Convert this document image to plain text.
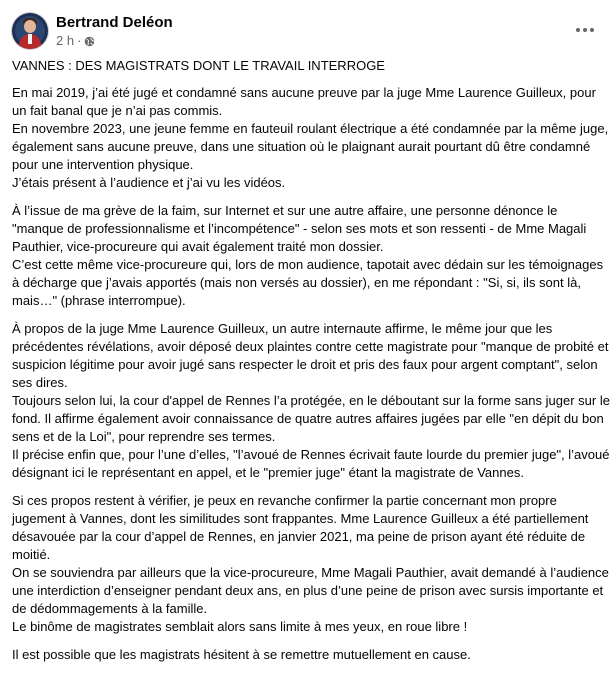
Bertrand Deléon
2 h ·

VANNES : DES MAGISTRATS DONT LE TRAVAIL INTERROGE

En mai 2019, j’ai été jugé et condamné sans aucune preuve par la juge Mme Laurence Guilleux, pour un fait banal que je n’ai pas commis.
En novembre 2023, une jeune femme en fauteuil roulant électrique a été condamnée par la même juge, également sans aucune preuve, dans une situation où le plaignant aurait pourtant dû être condamné pour une intervention physique.
J’étais présent à l’audience et j’ai vu les vidéos.

À l’issue de ma grève de la faim, sur Internet et sur une autre affaire, une personne dénonce le "manque de professionnalisme et l’incompétence" - selon ses mots et son ressenti - de Mme Magali Pauthier, vice-procureure qui avait également traité mon dossier.
C’est cette même vice-procureure qui, lors de mon audience, tapotait avec dédain sur les témoignages à décharge que j’avais apportés (mais non versés au dossier), en me répondant : "Si, si, ils sont là, mais…" (phrase interrompue).

À propos de la juge Mme Laurence Guilleux, un autre internaute affirme, le même jour que les précédentes révélations, avoir déposé deux plaintes contre cette magistrate pour "manque de probité et suspicion légitime pour avoir jugé sans respecter le droit et pris des faux pour argent comptant", selon ses dires.
Toujours selon lui, la cour d'appel de Rennes l’a protégée, en le déboutant sur la forme sans juger sur le fond. Il affirme également avoir connaissance de quatre autres affaires jugées par elle "en dépit du bon sens et de la Loi", pour reprendre ses termes.
Il précise enfin que, pour l’une d’elles, "l’avoué de Rennes écrivait faute lourde du premier juge", l’avoué désignant ici le représentant en appel, et le "premier juge" étant la magistrate de Vannes.

Si ces propos restent à vérifier, je peux en revanche confirmer la partie concernant mon propre jugement à Vannes, dont les similitudes sont frappantes. Mme Laurence Guilleux a été partiellement désavouée par la cour d’appel de Rennes, en janvier 2021, ma peine de prison ayant été réduite de moitié.
On se souviendra par ailleurs que la vice-procureure, Mme Magali Pauthier, avait demandé à l’audience une interdiction d’enseigner pendant deux ans, en plus d’une peine de prison avec sursis importante et de dédommagements à la famille.
Le binôme de magistrates semblait alors sans limite à mes yeux, en roue libre !

Il est possible que les magistrats hésitent à se remettre mutuellement en cause.
